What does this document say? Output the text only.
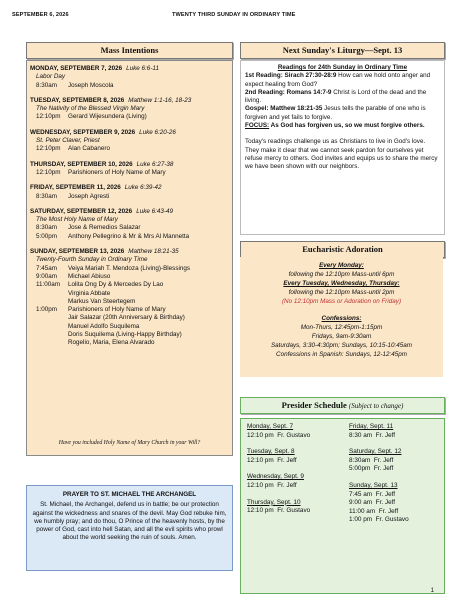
SEPTEMBER 6, 2026	TWENTY THIRD SUNDAY IN ORDINARY TIME
Mass Intentions
MONDAY, SEPTEMBER 7, 2026 Luke 6:6-11
Labor Day
8:30am Joseph Moscola
TUESDAY, SEPTEMBER 8, 2026 Matthew 1:1-16, 18-23
The Nativity of the Blessed Virgin Mary
12:10pm Gerard Wijesundera (Living)
WEDNESDAY, SEPTEMBER 9, 2026 Luke 6:20-26
St. Peter Claver, Priest
12:10pm Alan Cabanero
THURSDAY, SEPTEMBER 10, 2026 Luke 6:27-38
12:10pm Parishioners of Holy Name of Mary
FRIDAY, SEPTEMBER 11, 2026 Luke 6:39-42
8:30am Joseph Agresti
SATURDAY, SEPTEMBER 12, 2026 Luke 6:43-49
The Most Holy Name of Mary
8:30am Jose & Remedios Salazar
5:00pm Anthony Pellegrino & Mr & Mrs Al Mannetta
SUNDAY, SEPTEMBER 13, 2026 Matthew 18:21-35
Twenty-Fourth Sunday in Ordinary Time
7:45am Veiya Mariah T. Mendoza (Living)-Blessings
9:00am Michael Abiuso
11:00am Lolita Ong Dy & Mercedes Dy Lao
Virginia Abbate
Markus Van Steertegem
1:00pm Parishioners of Holy Name of Mary
Jair Salazar (20th Anniversary & Birthday)
Manuel Adolfo Suquilema
Doris Suquilema (Living-Happy Birthday)
Rogelio, Maria, Elena Alvarado
Have you included Holy Name of Mary Church in your Will?
Next Sunday's Liturgy—Sept. 13
Readings for 24th Sunday in Ordinary Time
1st Reading: Sirach 27:30-28:9 How can we hold onto anger and expect healing from God?
2nd Reading: Romans 14:7-9 Christ is Lord of the dead and the living.
Gospel: Matthew 18:21-35 Jesus tells the parable of one who is forgiven and yet fails to forgive.
FOCUS: As God has forgiven us, so we must forgive others.
Today's readings challenge us as Christians to live in God's love. They make it clear that we cannot seek pardon for ourselves yet refuse mercy to others. God invites and equips us to share the mercy we have been shown with our neighbors.
Eucharistic Adoration
Every Monday:
following the 12:10pm Mass-until 6pm
Every Tuesday, Wednesday, Thursday:
following the 12:10pm Mass-until 2pm
(No 12:10pm Mass or Adoration on Friday)
Confessions:
Mon-Thurs, 12:45pm-1:15pm
Fridays, 9am-9:30am
Saturdays, 3:30-4:30pm; Sundays, 10:15-10:45am
Confessions in Spanish: Sundays, 12-12:45pm
Presider Schedule (Subject to change)
Monday, Sept. 7
12:10 pm  Fr. Gustavo
Tuesday, Sept. 8
12:10 pm  Fr. Jeff
Wednesday, Sept. 9
12:10 pm  Fr. Jeff
Thursday, Sept. 10
12:10 pm  Fr. Gustavo
Friday, Sept. 11
8:30 am  Fr. Jeff
Saturday, Sept. 12
8:30am  Fr. Jeff
5:00pm  Fr. Jeff
Sunday, Sept. 13
7:45 am  Fr. Jeff
9:00 am  Fr. Jeff
11:00 am  Fr. Jeff
1:00 pm  Fr. Gustavo
PRAYER TO ST. MICHAEL THE ARCHANGEL
St. Michael, the Archangel, defend us in battle; be our protection against the wickedness and snares of the devil. May God rebuke him, we humbly pray; and do thou, O Prince of the heavenly hosts, by the power of God, cast into hell Satan, and all the evil spirits who prowl about the world seeking the ruin of souls. Amen.
1
